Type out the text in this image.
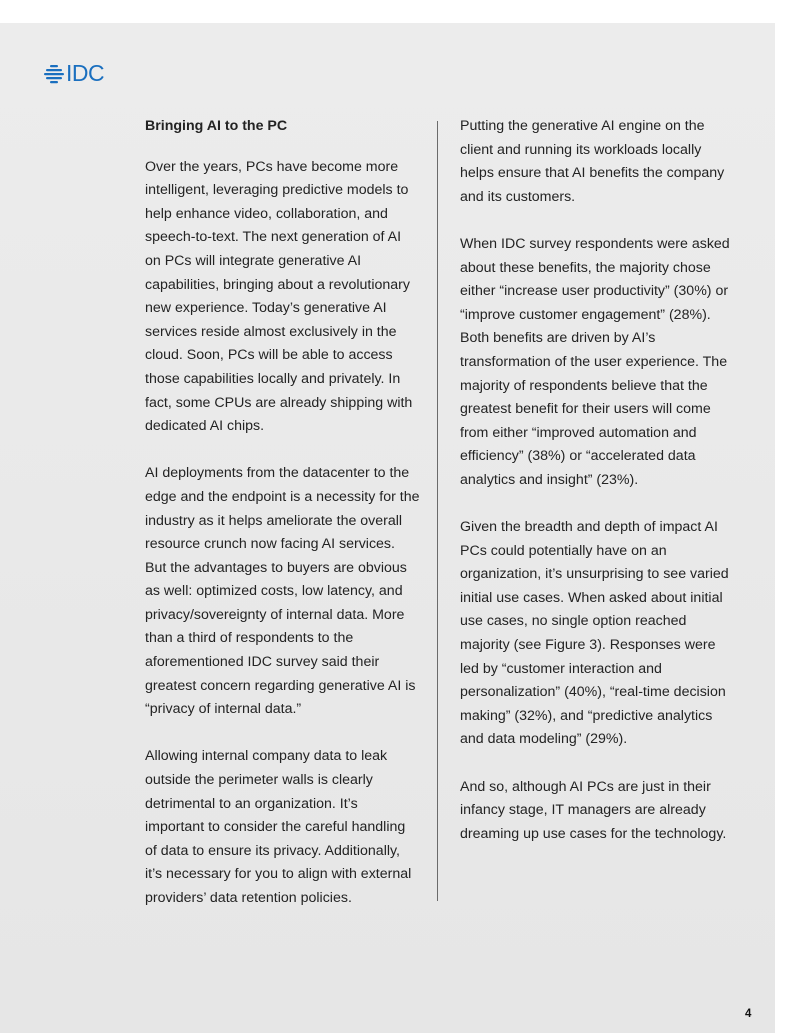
IDC
Bringing AI to the PC

Over the years, PCs have become more intelligent, leveraging predictive models to help enhance video, collaboration, and speech-to-text. The next generation of AI on PCs will integrate generative AI capabilities, bringing about a revolutionary new experience. Today’s generative AI services reside almost exclusively in the cloud. Soon, PCs will be able to access those capabilities locally and privately. In fact, some CPUs are already shipping with dedicated AI chips.

AI deployments from the datacenter to the edge and the endpoint is a necessity for the industry as it helps ameliorate the overall resource crunch now facing AI services. But the advantages to buyers are obvious as well: optimized costs, low latency, and privacy/sovereignty of internal data. More than a third of respondents to the aforementioned IDC survey said their greatest concern regarding generative AI is “privacy of internal data.”

Allowing internal company data to leak outside the perimeter walls is clearly detrimental to an organization. It’s important to consider the careful handling of data to ensure its privacy. Additionally, it’s necessary for you to align with external providers’ data retention policies.

Putting the generative AI engine on the client and running its workloads locally helps ensure that AI benefits the company and its customers.

When IDC survey respondents were asked about these benefits, the majority chose either “increase user productivity” (30%) or “improve customer engagement” (28%). Both benefits are driven by AI’s transformation of the user experience. The majority of respondents believe that the greatest benefit for their users will come from either “improved automation and efficiency” (38%) or “accelerated data analytics and insight” (23%).

Given the breadth and depth of impact AI PCs could potentially have on an organization, it’s unsurprising to see varied initial use cases. When asked about initial use cases, no single option reached majority (see Figure 3). Responses were led by “customer interaction and personalization” (40%), “real-time decision making” (32%), and “predictive analytics and data modeling” (29%).

And so, although AI PCs are just in their infancy stage, IT managers are already dreaming up use cases for the technology.

4
